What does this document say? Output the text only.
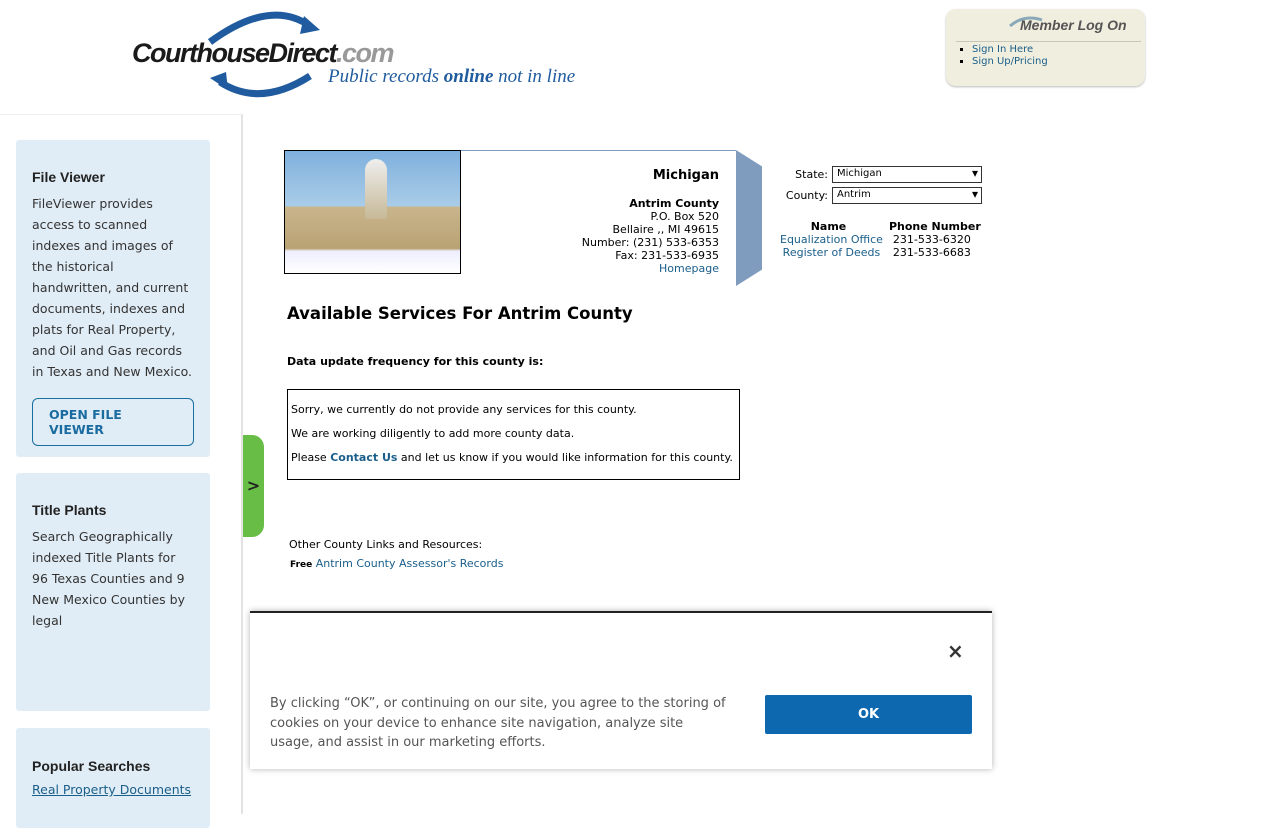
CourthouseDirect.com
Public records online not in line
Member Log On
▪ Sign In Here
▪ Sign Up/Pricing
File Viewer

FileViewer provides access to scanned indexes and images of the historical handwritten, and current documents, indexes and plats for Real Property, and Oil and Gas records in Texas and New Mexico.

OPEN FILE VIEWER
Title Plants

Search Geographically indexed Title Plants for 96 Texas Counties and 9 New Mexico Counties by legal

Popular Searches
Real Property Documents
>
Michigan
Antrim County
P.O. Box 520
Bellaire ,, MI 49615
Number: (231) 533-6353
Fax: 231-533-6935
Homepage
State: Michigan ▾
County: Antrim ▾
Name	Phone Number
Equalization Office	231-533-6320
Register of Deeds	231-533-6683
Available Services For Antrim County
Data update frequency for this county is:

Sorry, we currently do not provide any services for this county.

We are working diligently to add more county data.

Please Contact Us and let us know if you would like information for this county.

Other County Links and Resources:
Free Antrim County Assessor's Records
×

By clicking “OK”, or continuing on our site, you agree to the storing of cookies on your device to enhance site navigation, analyze site usage, and assist in our marketing efforts.

OK
